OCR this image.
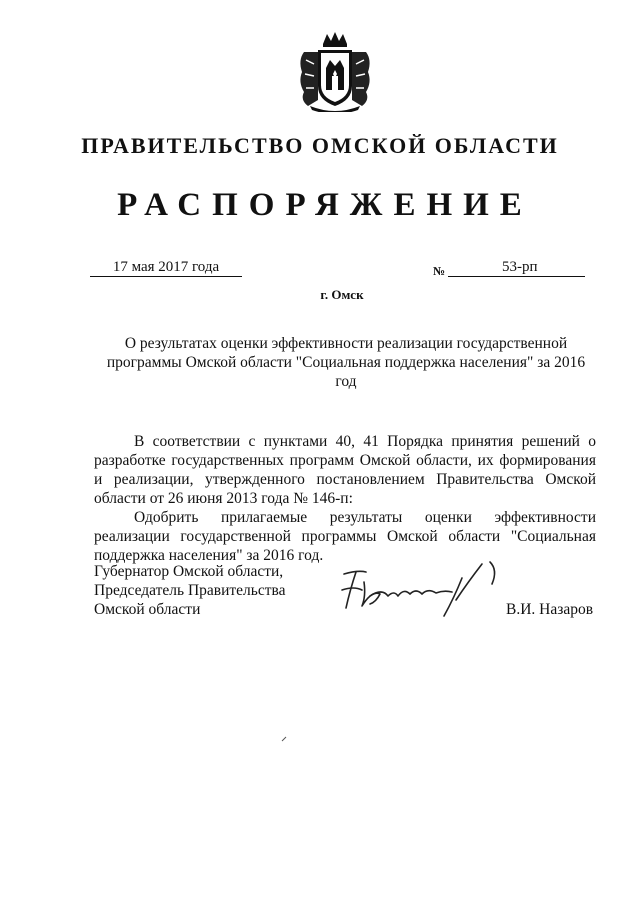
ПРАВИТЕЛЬСТВО ОМСКОЙ ОБЛАСТИ
РАСПОРЯЖЕНИЕ
17 мая 2017 года	№	53-рп
г. Омск
О результатах оценки эффективности реализации государственной программы Омской области "Социальная поддержка населения" за 2016 год

В соответствии с пунктами 40, 41 Порядка принятия решений о разработке государственных программ Омской области, их формирования и реализации, утвержденного постановлением Правительства Омской области от 26 июня 2013 года № 146-п:

Одобрить прилагаемые результаты оценки эффективности реализации государственной программы Омской области "Социальная поддержка населения" за 2016 год.

Губернатор Омской области,
Председатель Правительства
Омской области	В.И. Назаров
